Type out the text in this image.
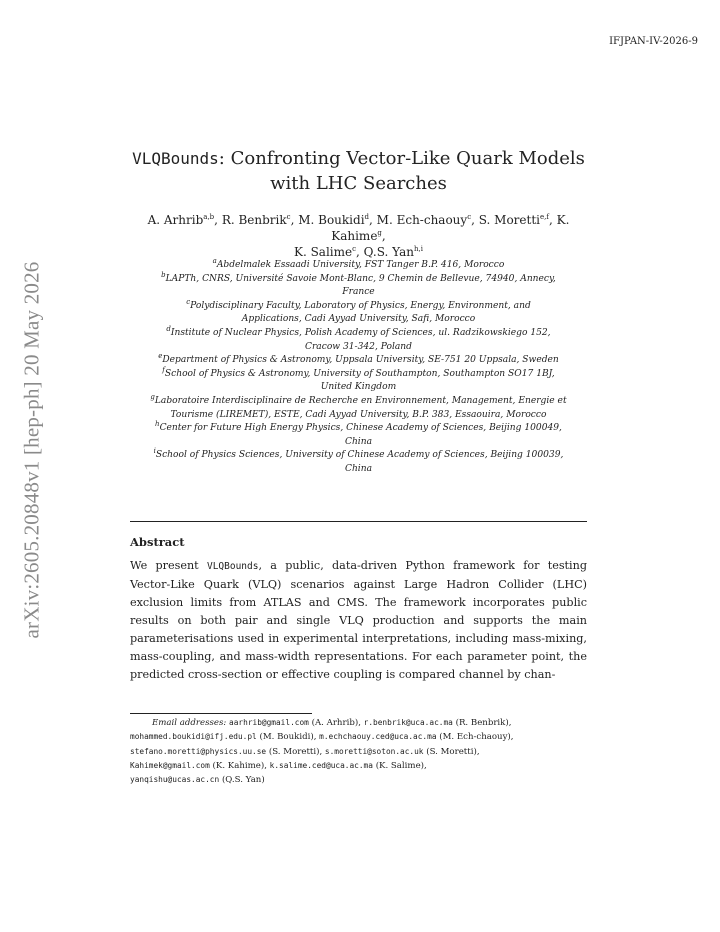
IFJPAN-IV-2026-9
arXiv:2605.20848v1 [hep-ph] 20 May 2026
VLQBounds: Confronting Vector-Like Quark Models
with LHC Searches
A. Arhrib$^{a,b}$, R. Benbrik$^c$, M. Boukidi$^d$, M. Ech-chaouy$^c$, S. Moretti$^{e,f}$, K. Kahime$^g$,
K. Salime$^c$, Q.S. Yan$^{h,i}$
$^a$Abdelmalek Essaadi University, FST Tanger B.P. 416, Morocco
$^b$LAPTh, CNRS, Université Savoie Mont-Blanc, 9 Chemin de Bellevue, 74940, Annecy,
France
$^c$Polydisciplinary Faculty, Laboratory of Physics, Energy, Environment, and
Applications, Cadi Ayyad University, Safi, Morocco
$^d$Institute of Nuclear Physics, Polish Academy of Sciences, ul. Radzikowskiego 152,
Cracow 31-342, Poland
$^e$Department of Physics & Astronomy, Uppsala University, SE-751 20 Uppsala, Sweden
$^f$School of Physics & Astronomy, University of Southampton, Southampton SO17 1BJ,
United Kingdom
$^g$Laboratoire Interdisciplinaire de Recherche en Environnement, Management, Energie et
Tourisme (LIREMET), ESTE, Cadi Ayyad University, B.P. 383, Essaouira, Morocco
$^h$Center for Future High Energy Physics, Chinese Academy of Sciences, Beijing 100049,
China
$^i$School of Physics Sciences, University of Chinese Academy of Sciences, Beijing 100039,
China
Abstract
We present VLQBounds, a public, data-driven Python framework for testing Vector-Like Quark (VLQ) scenarios against Large Hadron Collider (LHC) exclusion limits from ATLAS and CMS. The framework incorporates public results on both pair and single VLQ production and supports the main parameterisations used in experimental interpretations, including mass-mixing, mass-coupling, and mass-width representations. For each parameter point, the predicted cross-section or effective coupling is compared channel by chan-
Email addresses: aarhrib@gmail.com (A. Arhrib), r.benbrik@uca.ac.ma (R. Benbrik),
mohammed.boukidi@ifj.edu.pl (M. Boukidi), m.echchaouy.ced@uca.ac.ma (M. Ech-chaouy),
stefano.moretti@physics.uu.se (S. Moretti), s.moretti@soton.ac.uk (S. Moretti),
Kahimek@gmail.com (K. Kahime), k.salime.ced@uca.ac.ma (K. Salime),
yanqishu@ucas.ac.cn (Q.S. Yan)
